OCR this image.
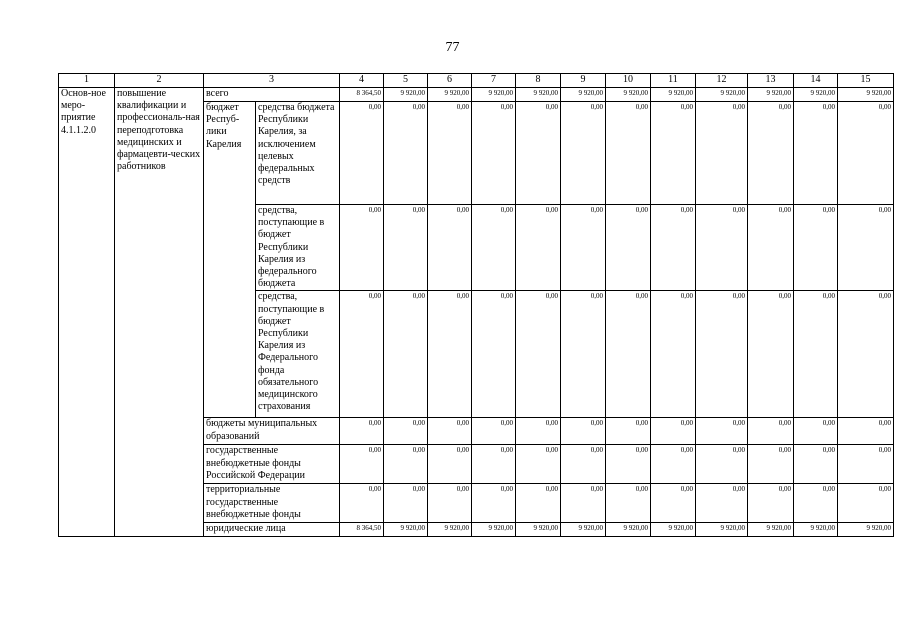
77
1	2	3		4	5	6	7	8	9	10	11	12	13	14	15
Основ-ное меро-приятие 4.1.1.2.0	повышение квалификации и профессиональ-ная переподготовка медицинских и фармацевти-ческих работников	всего		8 364,50	9 920,00	9 920,00	9 920,00	9 920,00	9 920,00	9 920,00	9 920,00	9 920,00	9 920,00	9 920,00	9 920,00
		бюджет Респуб-лики Карелия	средства бюджета Республики Карелия, за исключением целевых федеральных средств	0,00	0,00	0,00	0,00	0,00	0,00	0,00	0,00	0,00	0,00	0,00	0,00
			средства, поступающие в бюджет Республики Карелия из федерального бюджета	0,00	0,00	0,00	0,00	0,00	0,00	0,00	0,00	0,00	0,00	0,00	0,00
			средства, поступающие в бюджет Республики Карелия из Федерального фонда обязательного медицинского страхования	0,00	0,00	0,00	0,00	0,00	0,00	0,00	0,00	0,00	0,00	0,00	0,00
		бюджеты муниципальных образований		0,00	0,00	0,00	0,00	0,00	0,00	0,00	0,00	0,00	0,00	0,00	0,00
		государственные внебюджетные фонды Российской Федерации		0,00	0,00	0,00	0,00	0,00	0,00	0,00	0,00	0,00	0,00	0,00	0,00
		территориальные государственные внебюджетные фонды		0,00	0,00	0,00	0,00	0,00	0,00	0,00	0,00	0,00	0,00	0,00	0,00
		юридические лица		8 364,50	9 920,00	9 920,00	9 920,00	9 920,00	9 920,00	9 920,00	9 920,00	9 920,00	9 920,00	9 920,00	9 920,00
